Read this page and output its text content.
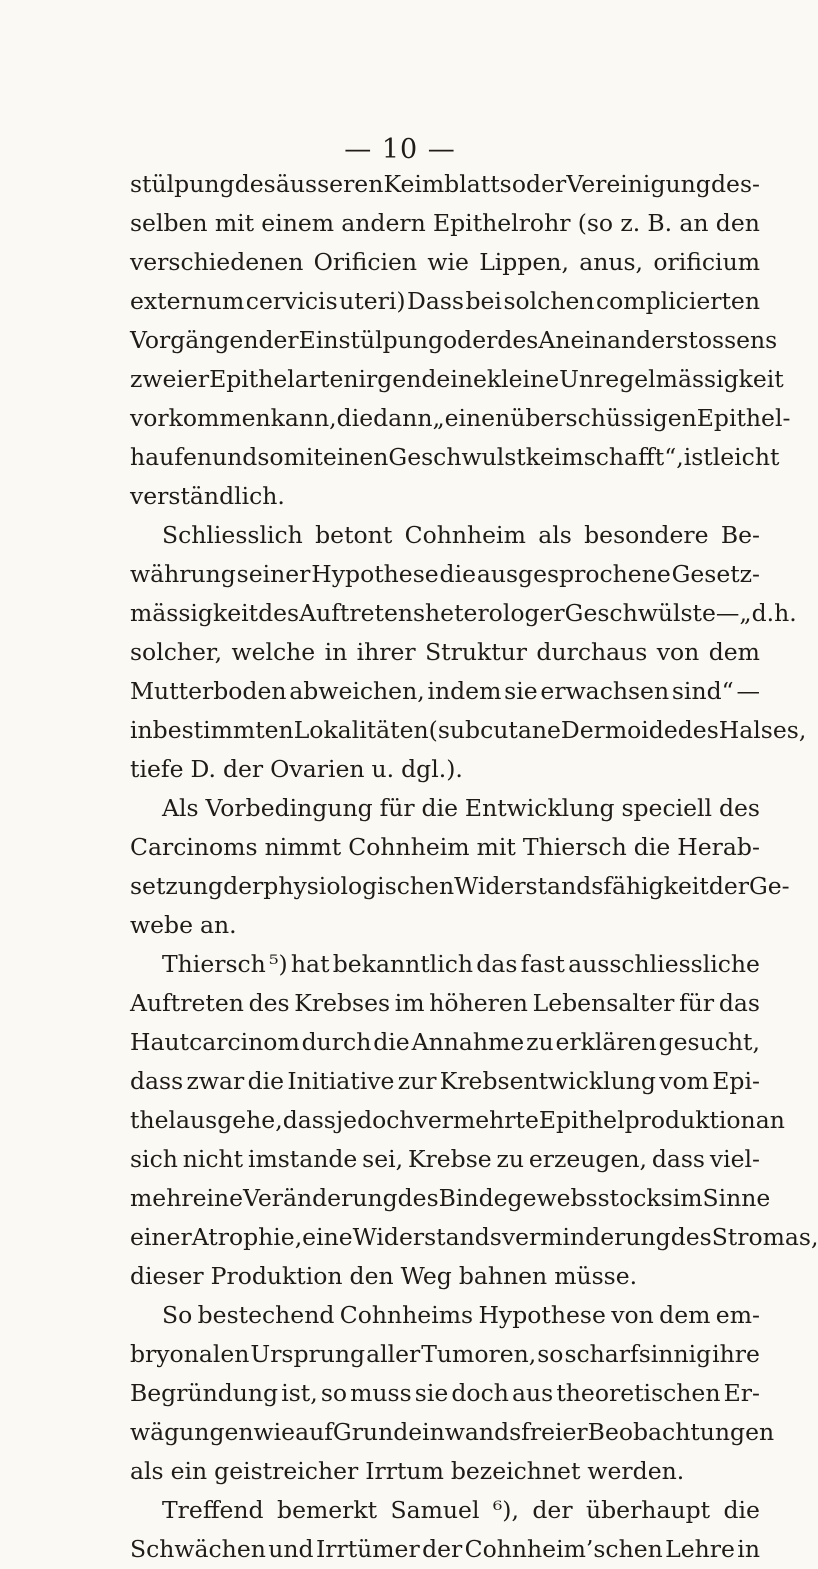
— 10 —
stülpung des äusseren Keimblatts oder Vereinigung des-
selben mit einem andern Epithelrohr (so z. B. an den
verschiedenen Orificien wie Lippen, anus, orificium
externum cervicis uteri) Dass bei solchen complicierten
Vorgängen der Einstülpung oder des Aneinanderstossens
zweier Epithelarten irgend eine kleine Unregelmässigkeit
vorkommen kann, die dann „einen überschüssigen Epithel-
haufen und somit einen Geschwulstkeim schafft“, ist leicht
verständlich.
Schliesslich betont Cohnheim als besondere Be-
währung seiner Hypothese die ausgesprochene Gesetz-
mässigkeit des Auftretens heterologer Geschwülste — „d. h.
solcher, welche in ihrer Struktur durchaus von dem
Mutterboden abweichen, indem sie erwachsen sind“ —
in bestimmten Lokalitäten (subcutane Dermoide des Halses,
tiefe D. der Ovarien u. dgl.).
Als Vorbedingung für die Entwicklung speciell des
Carcinoms nimmt Cohnheim mit Thiersch die Herab-
setzung der physiologischen Widerstandsfähigkeit der Ge-
webe an.
Thiersch ⁵) hat bekanntlich das fast ausschliessliche
Auftreten des Krebses im höheren Lebensalter für das
Hautcarcinom durch die Annahme zu erklären gesucht,
dass zwar die Initiative zur Krebsentwicklung vom Epi-
thel ausgehe, dass jedoch vermehrte Epithelproduktion an
sich nicht imstande sei, Krebse zu erzeugen, dass viel-
mehr eine Veränderung des Bindegewebsstocks im Sinne
einer Atrophie, eine Widerstandsverminderung des Stromas,
dieser Produktion den Weg bahnen müsse.
So bestechend Cohnheims Hypothese von dem em-
bryonalen Ursprung aller Tumoren, so scharfsinnig ihre
Begründung ist, so muss sie doch aus theoretischen Er-
wägungen wie auf Grund einwandsfreier Beobachtungen
als ein geistreicher Irrtum bezeichnet werden.
Treffend bemerkt Samuel ⁶), der überhaupt die
Schwächen und Irrtümer der Cohnheim’schen Lehre in
